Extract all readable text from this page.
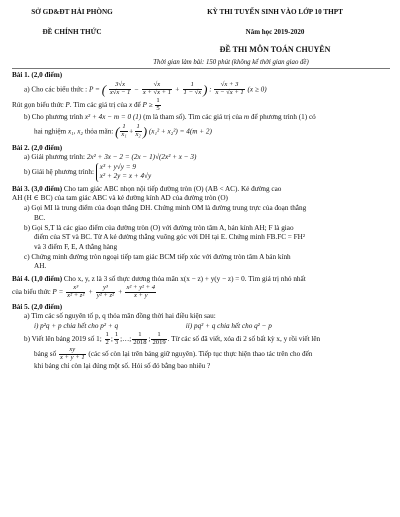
SỞ GD&ĐT HẢI PHÒNG
ĐỀ CHÍNH THỨC
KỲ THI TUYỂN SINH VÀO LỚP 10 THPT
Năm học 2019-2020
ĐỀ THI MÔN TOÁN CHUYÊN
Thời gian làm bài: 150 phút (không kể thời gian giao đề)
Bài 1. (2,0 điểm)
a) Cho các biểu thức : P = ( $\frac{3√x}{x√x - 1} - \frac{√x}{x + √x + 1} + \frac{1}{1 - √x}$ ) : $\frac{√x + 3}{x - √x + 1} (x \ge 0)$
Rút gọn biểu thức P. Tìm các giá trị của x để $P \ge \frac{1}{5}$
b) Cho phương trình x² + 4x − m = 0 (1) (m là tham số). Tìm các giá trị của m để phương trình (1) có
hai nghiệm x₁, x₂ thỏa mãn: ( $\frac{1}{\text{x₁}} + \frac{1}{\text{x₂}}$ ) (x₁² + x₂²) = 4(m + 2)
Bài 2. (2,0 điểm)
a) Giải phương trình: 2x² + 3x − 2 = (2x − 1)√(2x² + x − 3)
b) Giải hệ phương trình: x³ + y√y = 9
x² + 2y = x + 4√y
Bài 3. (3,0 điểm) Cho tam giác ABC nhọn nội tiếp đường tròn (O) (AB < AC). Kẻ đường cao
AH (H ∈ BC) của tam giác ABC và kẻ đường kính AD của đường tròn (O)
a) Gọi MI là trung điểm của đoạn thẳng DH. Chứng minh OM là đường trung trực của đoạn thẳng
BC.
b) Gọi S,T là các giao điểm của đường tròn (O) với đường tròn tâm A, bán kính AH; F là giao
điểm của ST và BC. Từ A kẻ đường thẳng vuông góc với DH tại E. Chứng minh FB.FC = FH²
và 3 điểm F, E, A thẳng hàng
c) Chứng minh đường tròn ngoại tiếp tam giác BCM tiếp xúc với đường tròn tâm A bán kính
AH.
Bài 4. (1,0 điểm) Cho x, y, z là 3 số thực dương thỏa mãn x(x − z) + y(y − z) = 0. Tìm giá trị nhỏ nhất
của biểu thức $P = \frac{\text{x³}}{\text{x² + z²}} + \frac{\text{y³}}{\text{y² + z²}} + \frac{\text{x² + y² + 4}}{x + y}$
Bài 5. (2,0 điểm)
a) Tìm các số nguyên tố p, q thỏa mãn đồng thời hai điều kiện sau:
i) p²q + p chia hết cho p² + q	ii) pq² + q chia hết cho q² − p
b) Viết lên bảng 2019 số 1; $\frac{1}{2}$ ; $\frac{1}{3}$ ;…; $\frac{1}{2018}$ ; $\frac{1}{2019}$ . Từ các số đã viết, xóa đi 2 số bất kỳ x, y rồi viết lên
bảng số $\frac{xy}{x + y + 1}$ (các số còn lại trên bảng giữ nguyên). Tiếp tục thực hiện thao tác trên cho đến
khi bảng chỉ còn lại đúng một số. Hỏi số đó bằng bao nhiêu ?
